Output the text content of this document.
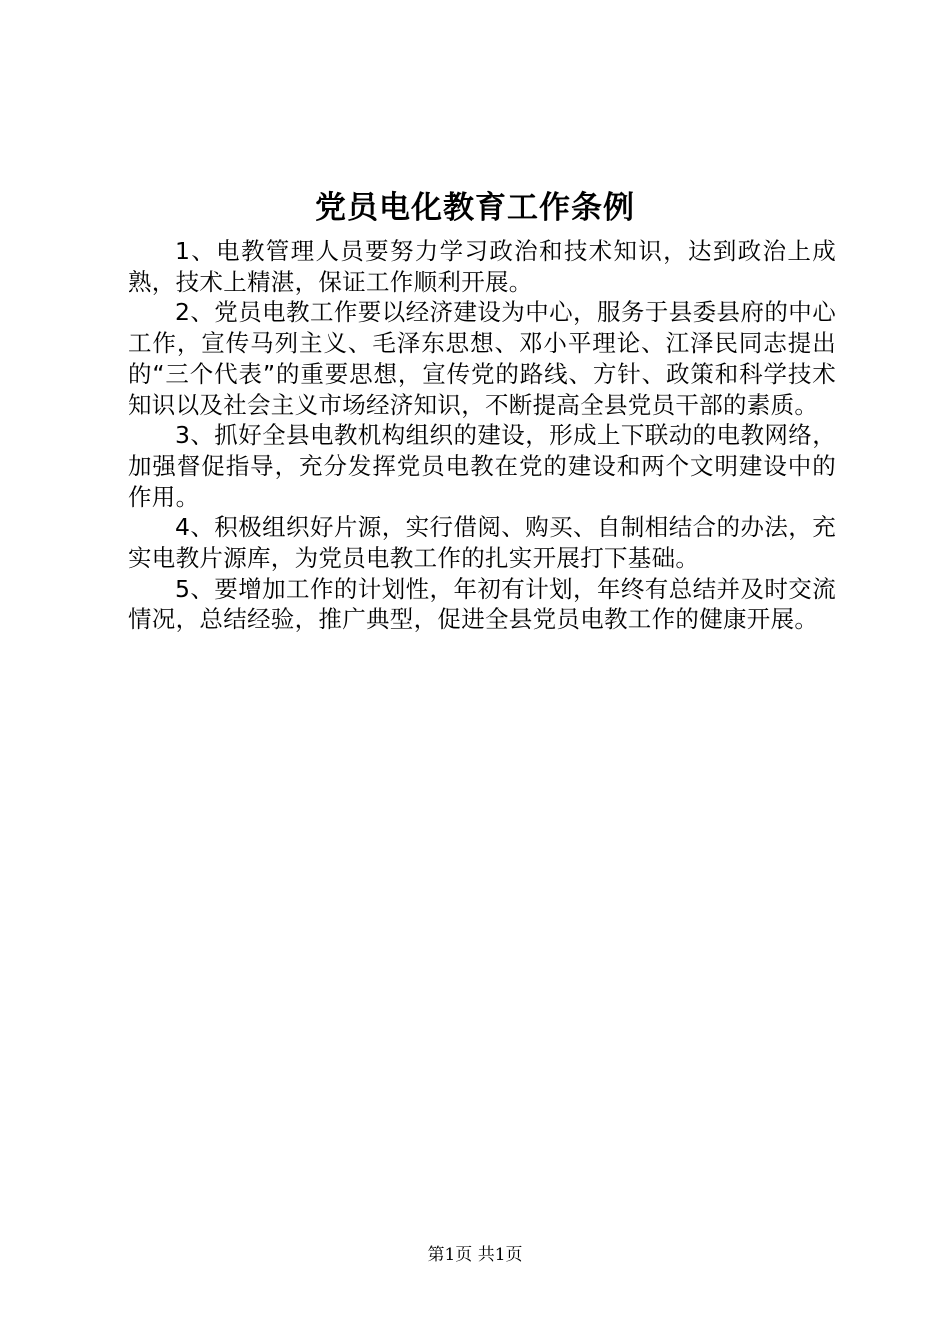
党员电化教育工作条例

1、电教管理人员要努力学习政治和技术知识，达到政治上成熟，技术上精湛，保证工作顺利开展。

2、党员电教工作要以经济建设为中心，服务于县委县府的中心工作，宣传马列主义、毛泽东思想、邓小平理论、江泽民同志提出的“三个代表”的重要思想，宣传党的路线、方针、政策和科学技术知识以及社会主义市场经济知识，不断提高全县党员干部的素质。

3、抓好全县电教机构组织的建设，形成上下联动的电教网络，加强督促指导，充分发挥党员电教在党的建设和两个文明建设中的作用。

4、积极组织好片源，实行借阅、购买、自制相结合的办法，充实电教片源库，为党员电教工作的扎实开展打下基础。

5、要增加工作的计划性，年初有计划，年终有总结并及时交流情况，总结经验，推广典型，促进全县党员电教工作的健康开展。

第1页 共1页
